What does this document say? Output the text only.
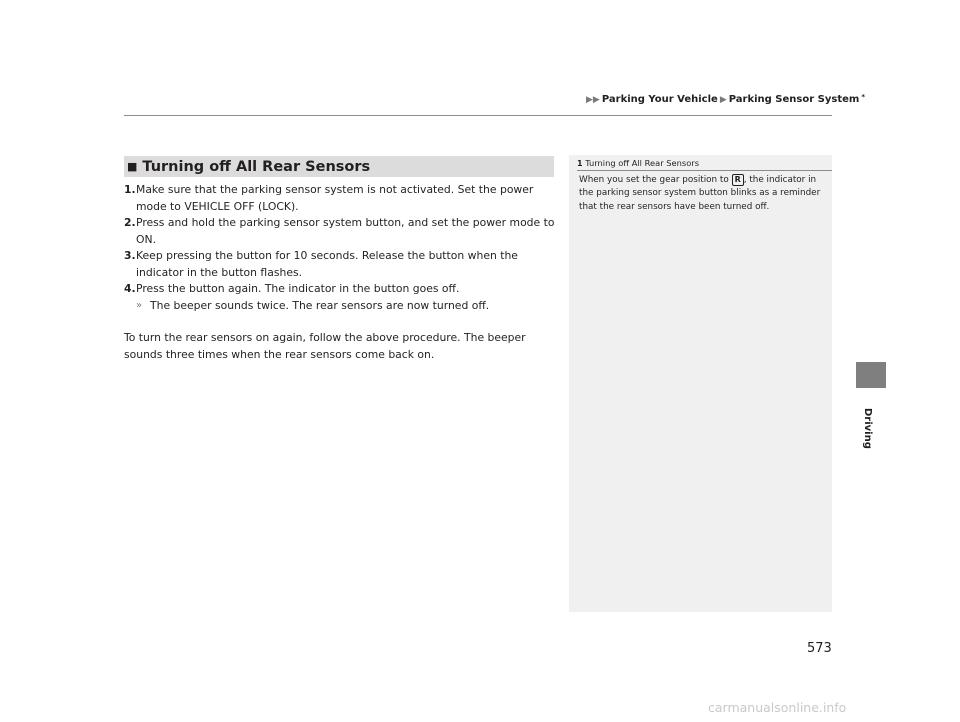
▶▶ Parking Your Vehicle ▶ Parking Sensor System *
Driving
■ Turning off All Rear Sensors
1. Make sure that the parking sensor system is not activated. Set the power mode to VEHICLE OFF (LOCK).
2. Press and hold the parking sensor system button, and set the power mode to ON.
3. Keep pressing the button for 10 seconds. Release the button when the indicator in the button flashes.
4. Press the button again. The indicator in the button goes off.
» The beeper sounds twice. The rear sensors are now turned off.
To turn the rear sensors on again, follow the above procedure. The beeper sounds three times when the rear sensors come back on.
1 Turning off All Rear Sensors
When you set the gear position to R , the indicator in the parking sensor system button blinks as a reminder that the rear sensors have been turned off.
573
carmanualsonline.info
